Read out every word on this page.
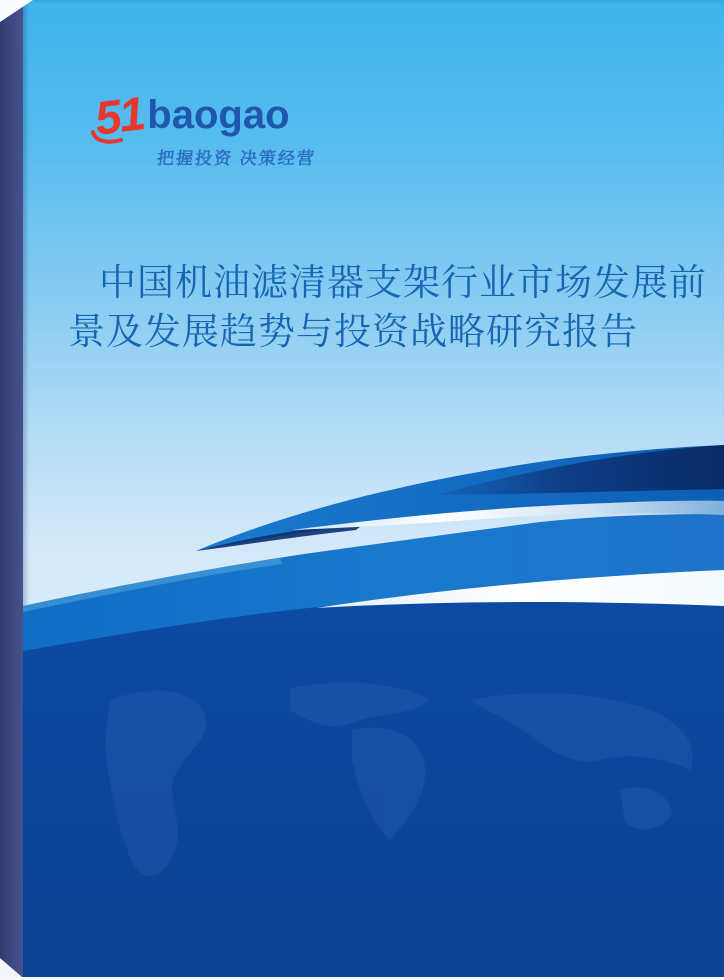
51 baogao
把握投资 决策经营
中国机油滤清器支架行业市场发展前
景及发展趋势与投资战略研究报告
